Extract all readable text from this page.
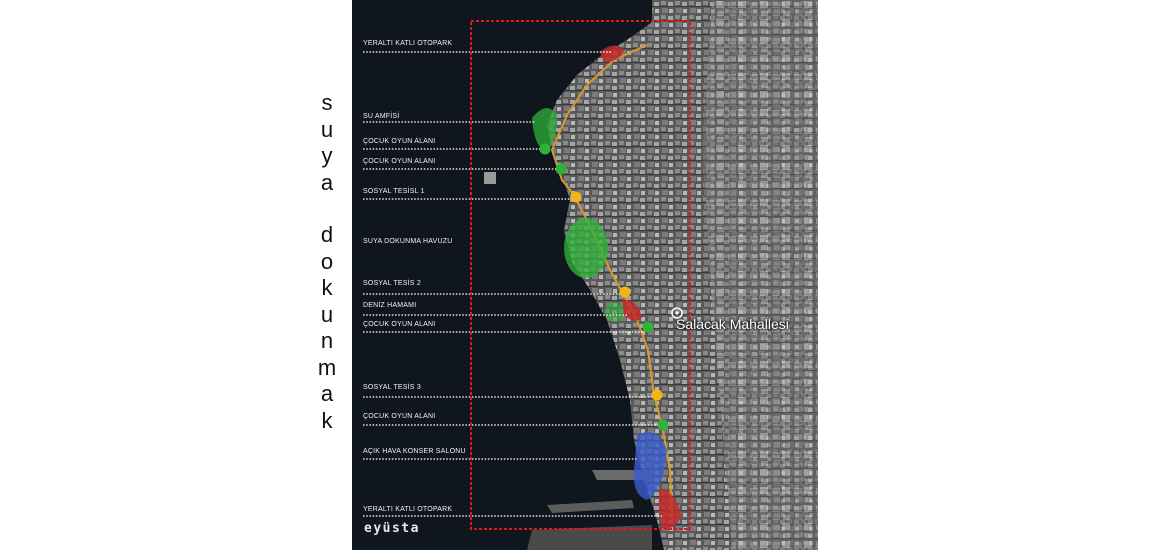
s
u
y
a
d
o
k
u
n
m
a
k
YERALTI KATLI OTOPARK
SU AMFİSİ
ÇOCUK OYUN ALANI
ÇOCUK OYUN ALANI
SOSYAL TESİSL 1
SUYA DOKUNMA HAVUZU
SOSYAL TESİS 2
DENİZ HAMAMI
ÇOCUK OYUN ALANI
SOSYAL TESİS 3
ÇOCUK OYUN ALANI
AÇIK HAVA KONSER SALONU
YERALTI KATLI OTOPARK
Salacak Mahallesi
eyüsta
